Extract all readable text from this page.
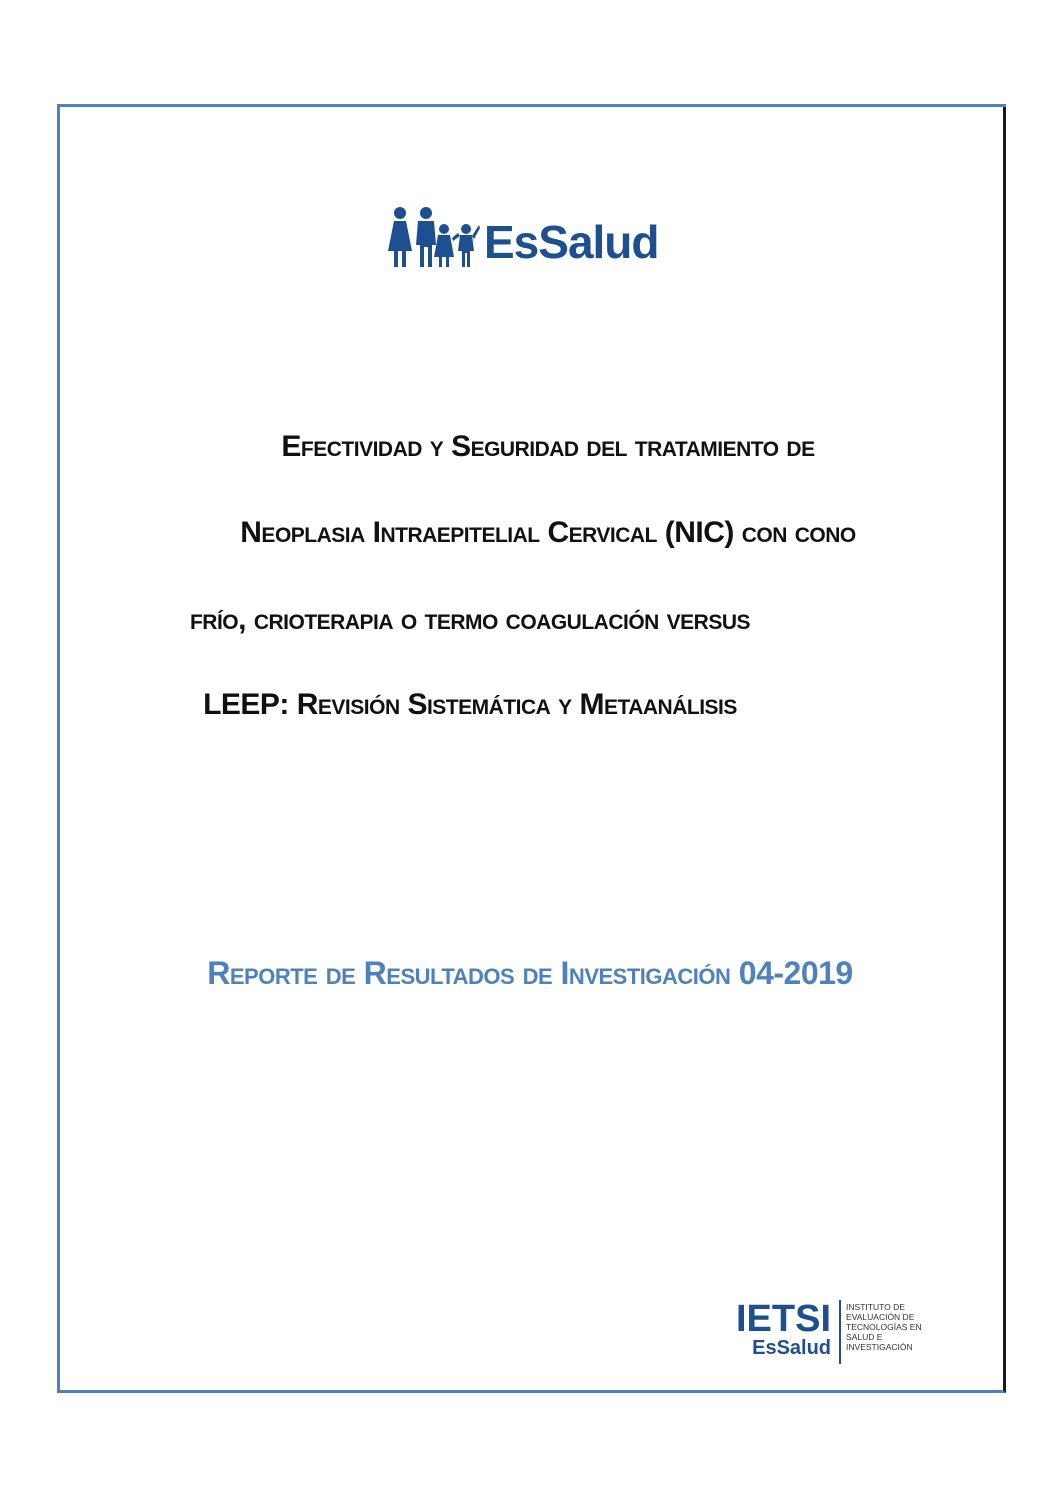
EsSalud
Efectividad y Seguridad del tratamiento de
Neoplasia Intraepitelial Cervical (NIC) con cono
frío, crioterapia o termo coagulación versus
LEEP: Revisión Sistemática y Metaanálisis
Reporte de Resultados de Investigación 04-2019
IETSI
EsSalud
INSTITUTO DE
EVALUACIÓN DE
TECNOLOGÍAS EN
SALUD E
INVESTIGACIÓN
